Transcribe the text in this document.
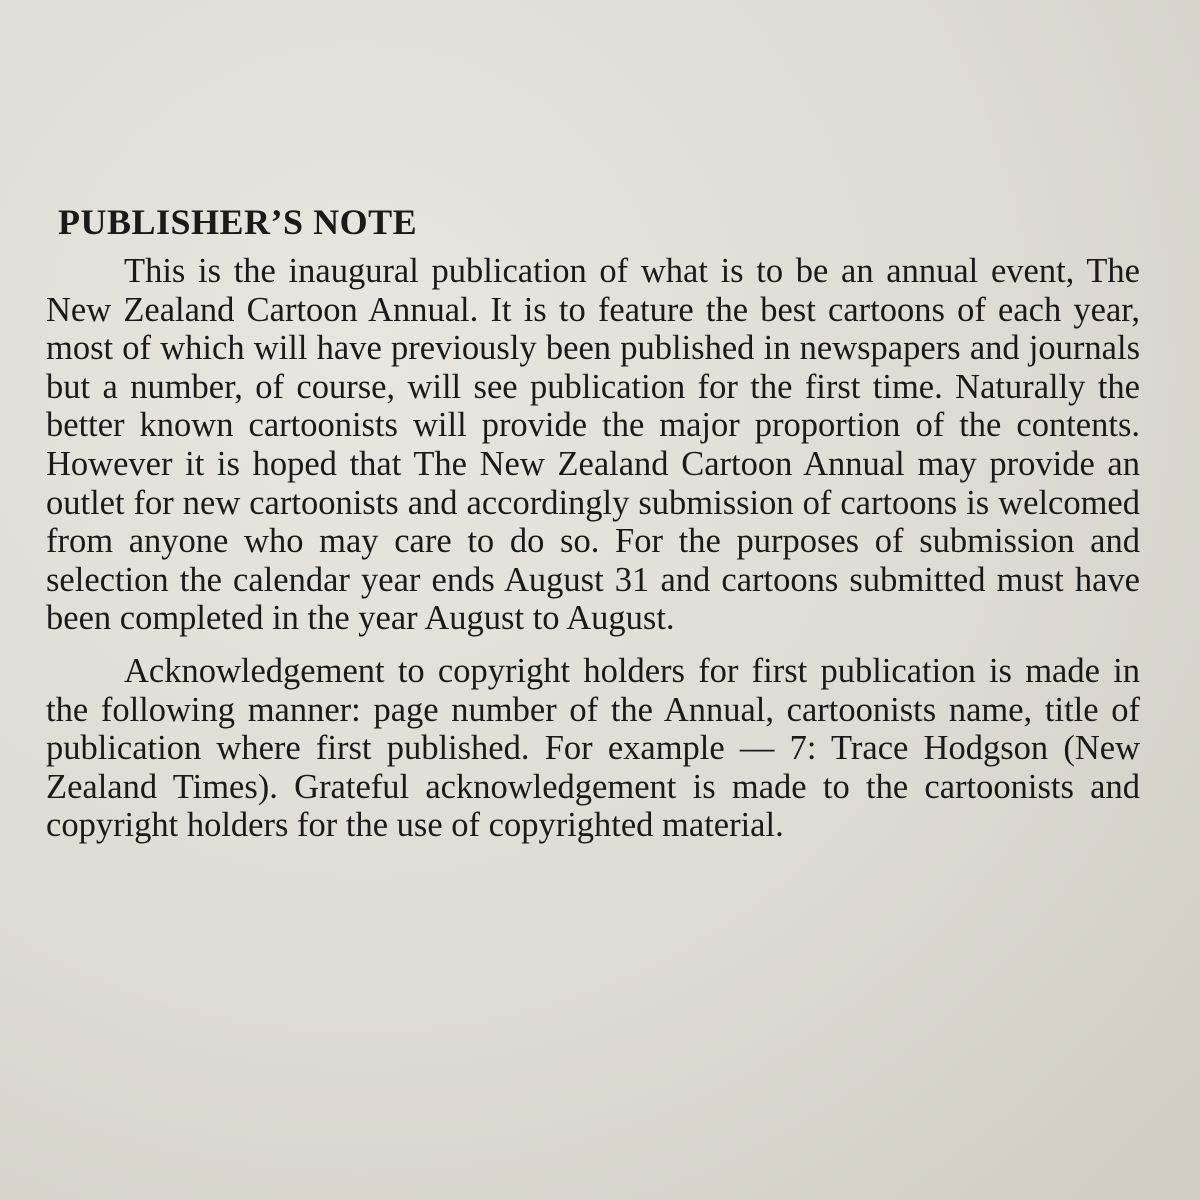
PUBLISHER’S NOTE

This is the inaugural publication of what is to be an annual event, The New Zealand Cartoon Annual. It is to feature the best cartoons of each year, most of which will have previously been published in newspapers and journals but a number, of course, will see publication for the first time. Naturally the better known cartoonists will provide the major proportion of the contents. However it is hoped that The New Zealand Cartoon Annual may provide an outlet for new cartoonists and accordingly submission of cartoons is welcomed from anyone who may care to do so. For the purposes of submission and selection the calendar year ends August 31 and cartoons submitted must have been completed in the year August to August.

Acknowledgement to copyright holders for first publication is made in the following manner: page number of the Annual, cartoonists name, title of publication where first published. For example — 7: Trace Hodgson (New Zealand Times). Grateful acknowledgement is made to the cartoonists and copyright holders for the use of copyrighted material.
